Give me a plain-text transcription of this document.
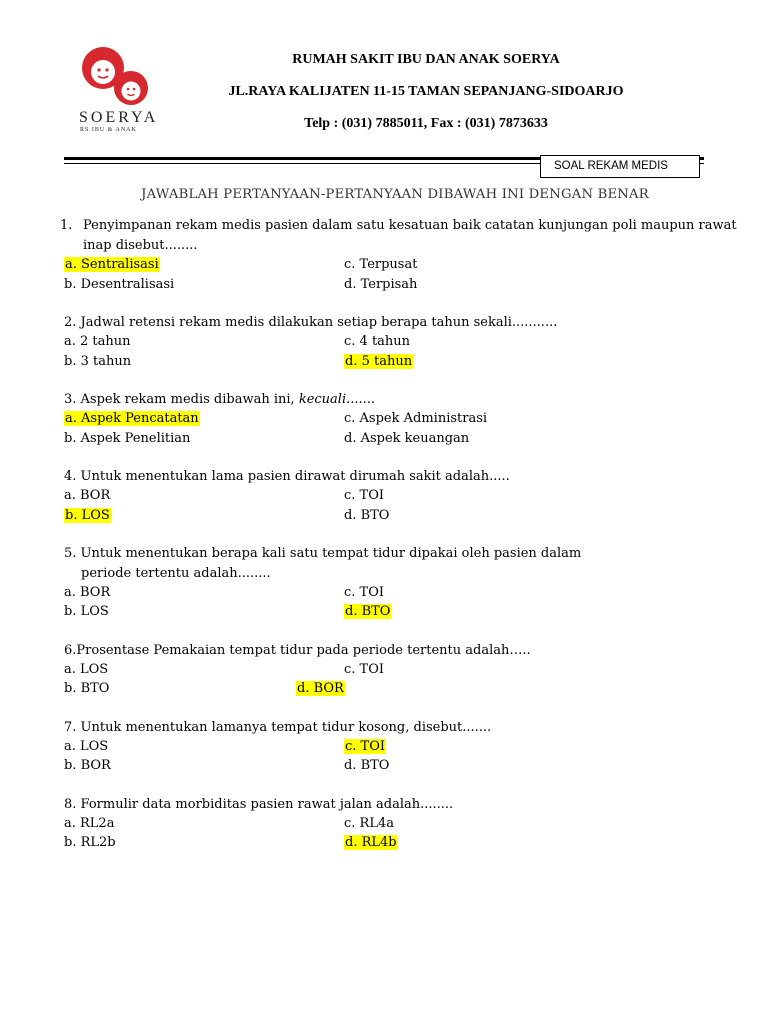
SOERYA
RS IBU & ANAK
RUMAH SAKIT IBU DAN ANAK SOERYA
JL.RAYA KALIJATEN 11-15 TAMAN SEPANJANG-SIDOARJO
Telp : (031) 7885011, Fax : (031) 7873633
SOAL REKAM MEDIS
JAWABLAH PERTANYAAN-PERTANYAAN DIBAWAH INI DENGAN BENAR
1. Penyimpanan rekam medis pasien dalam satu kesatuan baik catatan kunjungan poli maupun rawat
inap disebut........
a. Sentralisasi
b. Desentralisasi
c. Terpusat
d. Terpisah
2. Jadwal retensi rekam medis dilakukan setiap berapa tahun sekali...........
a. 2 tahun
b. 3 tahun
c. 4 tahun
d. 5 tahun
3. Aspek rekam medis dibawah ini, kecuali.......
a. Aspek Pencatatan
b. Aspek Penelitian
c. Aspek Administrasi
d. Aspek keuangan
4. Untuk menentukan lama pasien dirawat dirumah sakit adalah.....
a. BOR
b. LOS
c. TOI
d. BTO
5. Untuk menentukan berapa kali satu tempat tidur dipakai oleh pasien dalam
periode tertentu adalah........
a. BOR
b. LOS
c. TOI
d. BTO
6.Prosentase Pemakaian tempat tidur pada periode tertentu adalah…..
a. LOS
b. BTO
c. TOI
d. BOR
7. Untuk menentukan lamanya tempat tidur kosong, disebut.......
a. LOS
b. BOR
c. TOI
d. BTO
8. Formulir data morbiditas pasien rawat jalan adalah........
a. RL2a
b. RL2b
c. RL4a
d. RL4b
